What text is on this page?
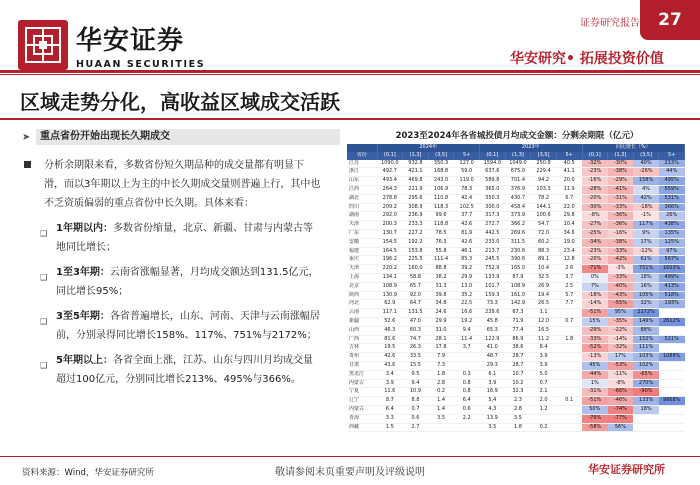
华安证券
HUAAN SECURITIES
证券研究报告	27
华安研究• 拓展投资价值
区域走势分化，高收益区域成交活跃
➤ 重点省份开始出现长久期成交
分析余期限来看，多数省份短久期品种的成交量都有明显下滑，而以3年期以上为主的中长久期成交量则普遍上行，其中也不乏资质偏弱的重点省份中长久期。具体来看：
❑ 1年期以内：多数省份缩量，北京、新疆、甘肃与内蒙古等地同比增长；
❑ 1至3年期：云南省涨幅显著，月均成交额达到131.5亿元，同比增长95%；
❑ 3至5年期：各省普遍增长，山东、河南、天津与云南涨幅居前，分别录得同比增长158%、117%、751%与2172%；
❑ 5年期以上：各省全面上涨，江苏、山东与四川月均成交量超过100亿元，分别同比增长213%、495%与366%。
2023至2024年各省城投债月均成交金额：分剩余期限（亿元）
	2024年				2023年				同比增长（%）			
省份	(0,1]	(1,3]	(3,5]	5+	(0,1]	(1,3]	(3,5]	5+	(0,1]	(1,3]	(3,5]	5+
江苏	1090.0	932.8	350.3	127.0	1594.0	1049.0	250.8	40.5	-32%	-30%	40%	213%
浙江	492.7	421.1	168.8	59.0	637.6	675.0	229.4	41.1	-23%	-38%	-26%	44%
山东	493.4	469.8	243.0	119.0	589.8	701.4	94.2	20.0	-16%	-29%	158%	495%
江西	264.3	221.9	106.9	78.3	365.0	376.9	103.3	11.9	-28%	-41%	4%	559%
湖北	278.8	295.6	110.8	42.4	350.3	430.7	78.2	6.7	-20%	-31%	42%	531%
四川	209.2	308.9	118.3	102.5	300.0	458.4	144.1	22.0	-30%	-33%	-18%	366%
湖南	292.0	236.9	99.6	37.7	317.3	373.9	100.6	29.8	-8%	-36%	-1%	26%
天津	200.3	233.3	118.8	42.6	272.7	366.2	54.7	10.4	-27%	-36%	117%	438%
广东	130.7	227.2	78.5	81.9	442.5	269.6	72.0	34.6	-25%	-16%	9%	135%
安徽	154.5	192.2	76.3	42.6	233.0	311.5	60.2	19.0	-34%	-38%	17%	125%
福建	164.5	153.8	55.8	46.1	213.7	230.6	88.3	23.4	-23%	-33%	-12%	97%
重庆	196.2	225.5	111.4	85.3	245.5	390.6	89.1	12.8	-20%	-42%	61%	567%
天津	220.2	160.0	88.8	39.2	752.9	165.0	10.4	2.6	-71%	-3%	751%	1603%
上海	134.1	58.8	38.2	29.9	133.9	87.9	32.5	3.7	0%	-33%	18%	499%
北京	108.9	65.7	31.3	13.0	101.7	108.9	26.9	2.5	7%	-40%	16%	413%
陕西	130.9	92.0	39.8	35.2	159.3	161.0	19.4	5.7	-18%	-43%	105%	518%
河北	62.9	64.7	34.8	22.5	73.3	142.9	26.5	7.7	-14%	-55%	32%	193%
云南	117.1	131.5	24.6	16.6	239.6	67.3	1.1		-51%	95%	2172%	
新疆	52.6	47.0	29.9	19.2	45.8	71.9	12.0	0.7	15%	-35%	149%	2612%
山西	46.3	60.3	31.0	9.4	65.3	77.4	16.5		-29%	-22%	88%	
广西	81.6	74.7	28.1	11.4	122.9	86.9	11.2	1.8	-33%	-14%	152%	521%
吉林	19.5	26.3	17.8	3.7	41.0	38.6	8.4		-52%	-32%	111%	
贵州	42.6	33.5	7.9		48.7	28.7	3.9		-13%	17%	103%	1088%
甘肃	43.6	15.5	7.3		29.3	28.7	3.9		45%	-53%	102%	
黑龙江	3.4	9.5	1.8	0.3	6.1	10.7	5.0		-44%	-11%	-65%	
内蒙古	3.9	9.4	2.8	0.8	3.9	10.2	0.7		1%	-8%	270%	
宁夏	11.6	10.9	0.2	0.8	16.9	32.3	2.1		-31%	-66%	-90%	
辽宁	8.7	8.8	1.4	6.4	5.4	2.3	2.0	0.1	-51%	-46%	133%	9868%
内蒙古	6.4	0.7	1.4	0.6	4.3	2.8	1.2		50%	-74%	18%	
青海	3.3	0.6	3.5	2.2	13.9	3.5			-76%	-77%		
西藏	1.5	2.7			3.5	1.8	0.2		-58%	56%		
资料来源：Wind，华安证券研究所	敬请参阅末页重要声明及评级说明	华安证券研究所
